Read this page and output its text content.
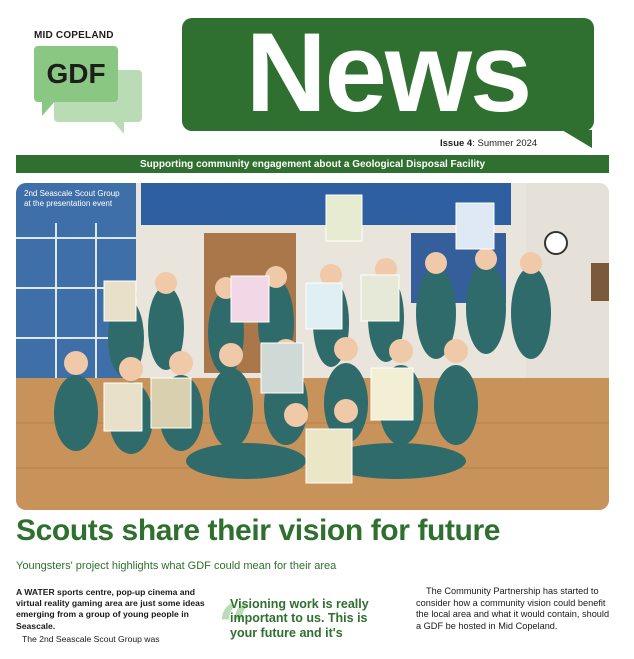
MID COPELAND
GDF News
Issue 4: Summer 2024
Supporting community engagement about a Geological Disposal Facility
2nd Seascale Scout Group
at the presentation event
Scouts share their vision for future
Youngsters' project highlights what GDF could mean for their area
A WATER sports centre, pop-up cinema and virtual reality gaming area are just some ideas emerging from a group of young people in Seascale.
The 2nd Seascale Scout Group was	“
Visioning work is really important to us. This is your future and it's
The Community Partnership has started to consider how a community vision could benefit the local area and what it would contain, should a GDF be hosted in Mid Copeland.
